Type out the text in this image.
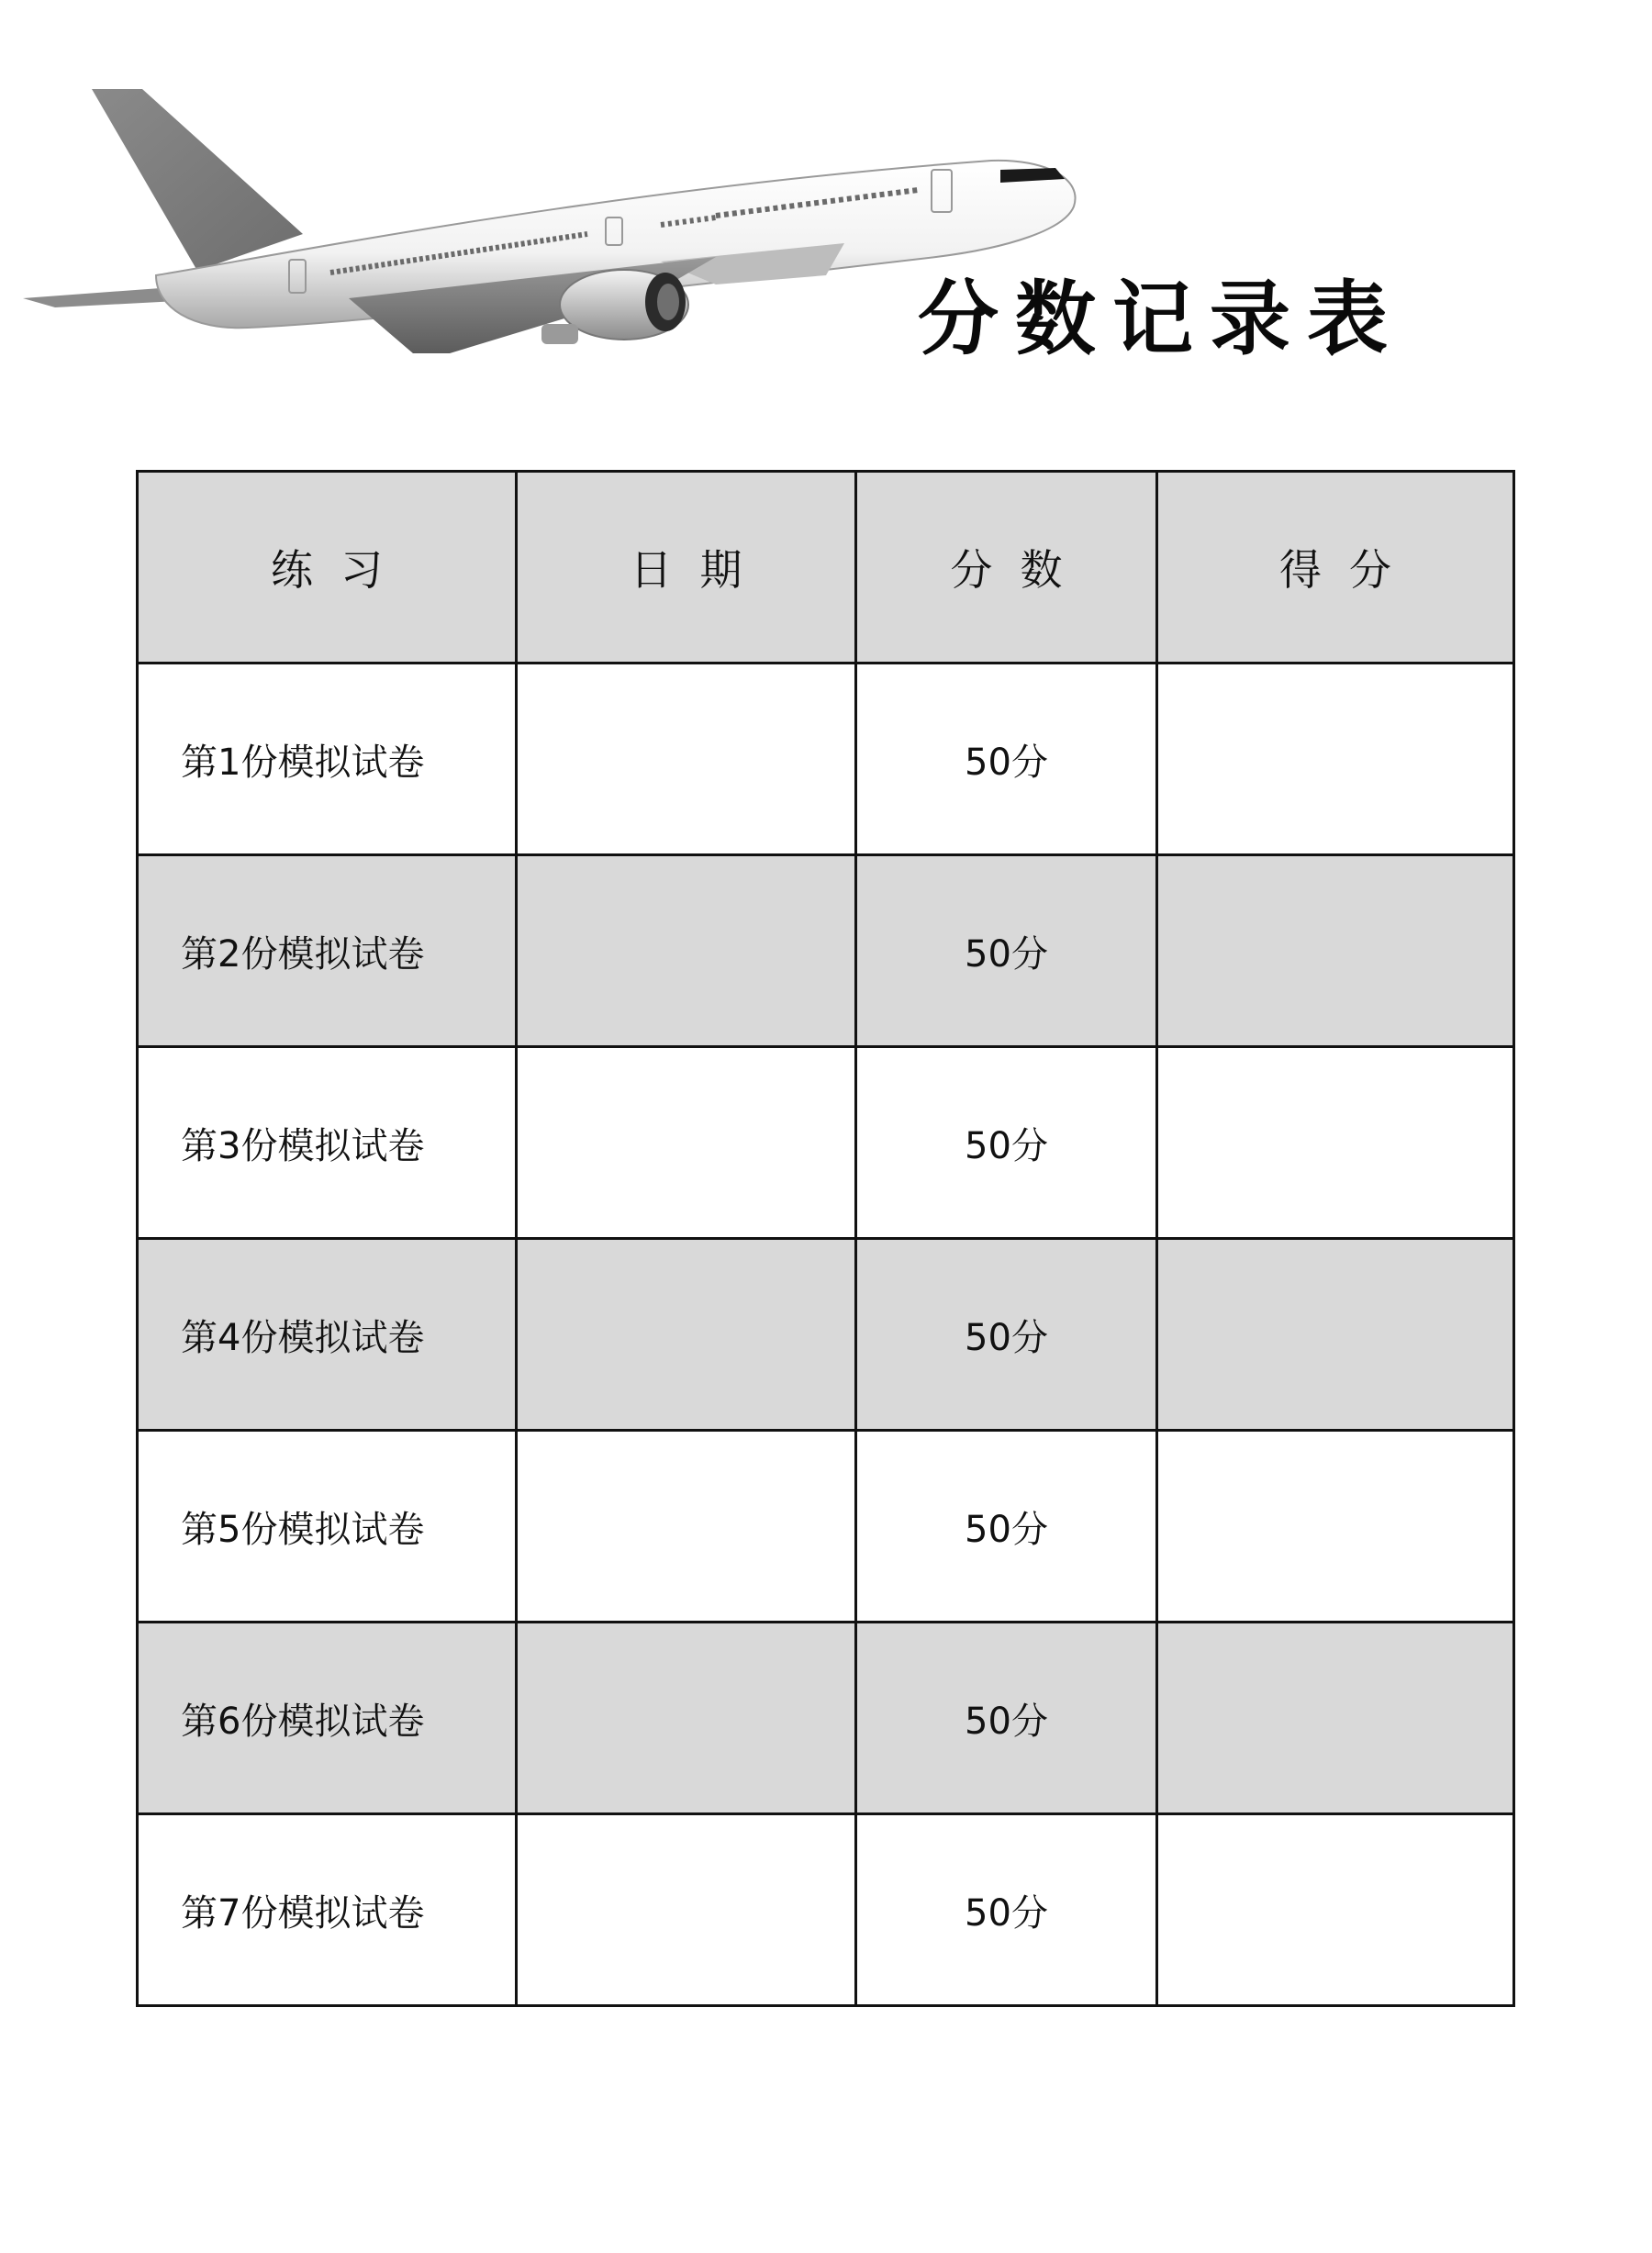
分数记录表
练习	日期	分数	得分
第1份模拟试卷		50分	
第2份模拟试卷		50分	
第3份模拟试卷		50分	
第4份模拟试卷		50分	
第5份模拟试卷		50分	
第6份模拟试卷		50分	
第7份模拟试卷		50分	
